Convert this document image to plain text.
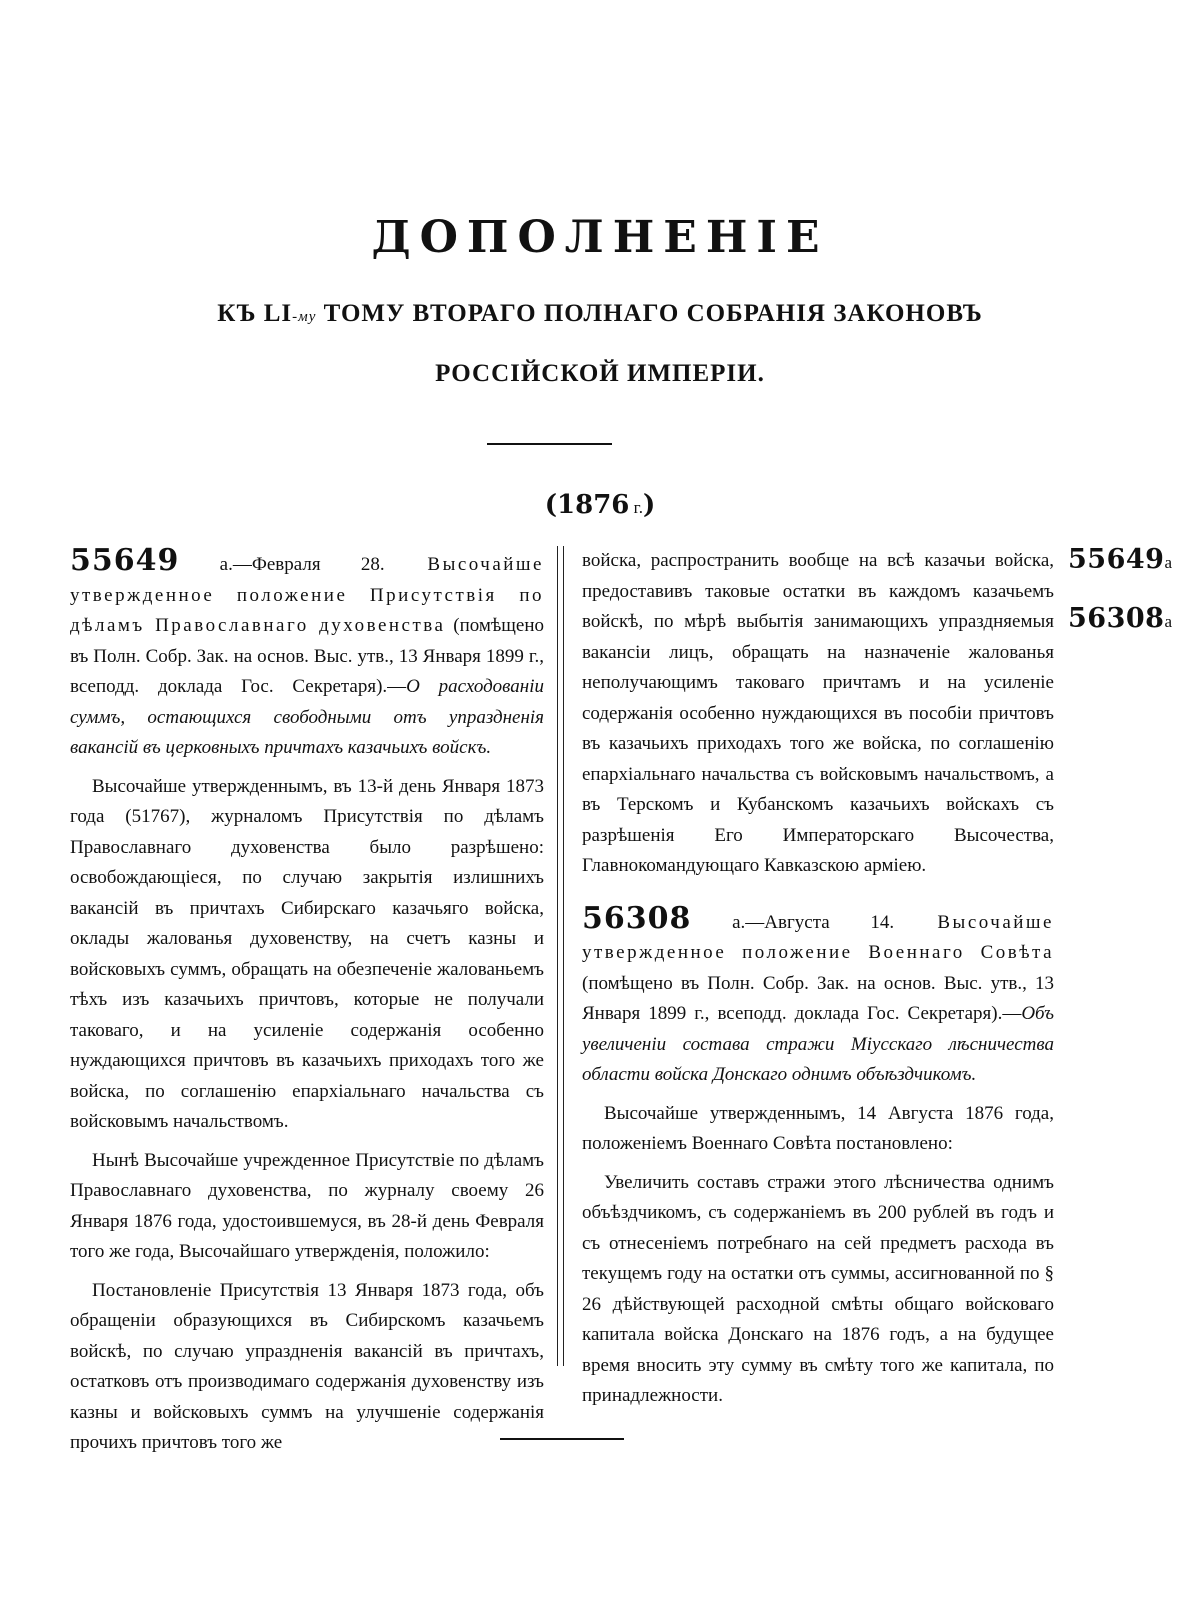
ДОПОЛНЕНІЕ
КЪ LI-му ТОМУ ВТОРАГО ПОЛНАГО СОБРАНІЯ ЗАКОНОВЪ
РОССІЙСКОЙ ИМПЕРІИ.
(1876 г.)

55649 а.—Февраля 28. Высочайше утвержденное положение Присутствія по дѣламъ Православнаго духовенства (помѣщено въ Полн. Собр. Зак. на основ. Выс. утв., 13 Января 1899 г., всеподд. доклада Гос. Секретаря).—О расходованіи суммъ, остающихся свободными отъ упраздненія вакансій въ церковныхъ причтахъ казачьихъ войскъ.

Высочайше утвержденнымъ, въ 13-й день Января 1873 года (51767), журналомъ Присутствія по дѣламъ Православнаго духовенства было разрѣшено: освобождающіеся, по случаю закрытія излишнихъ вакансій въ причтахъ Сибирскаго казачьяго войска, оклады жалованья духовенству, на счетъ казны и войсковыхъ суммъ, обращать на обезпеченіе жалованьемъ тѣхъ изъ казачьихъ причтовъ, которые не получали таковаго, и на усиленіе содержанія особенно нуждающихся причтовъ въ казачьихъ приходахъ того же войска, по соглашенію епархіальнаго начальства съ войсковымъ начальствомъ.

Нынѣ Высочайше учрежденное Присутствіе по дѣламъ Православнаго духовенства, по журналу своему 26 Января 1876 года, удостоившемуся, въ 28-й день Февраля того же года, Высочайшаго утвержденія, положило:

Постановленіе Присутствія 13 Января 1873 года, объ обращеніи образующихся въ Сибирскомъ казачьемъ войскѣ, по случаю упраздненія вакансій въ причтахъ, остатковъ отъ производимаго содержанія духовенству изъ казны и войсковыхъ суммъ на улучшеніе содержанія прочихъ причтовъ того же

войска, распространить вообще на всѣ казачьи войска, предоставивъ таковые остатки въ каждомъ казачьемъ войскѣ, по мѣрѣ выбытія занимающихъ упраздняемыя вакансіи лицъ, обращать на назначеніе жалованья неполучающимъ таковаго причтамъ и на усиленіе содержанія особенно нуждающихся въ пособіи причтовъ въ казачьихъ приходахъ того же войска, по соглашенію епархіальнаго начальства съ войсковымъ начальствомъ, а въ Терскомъ и Кубанскомъ казачьихъ войскахъ съ разрѣшенія Его Императорскаго Высочества, Главнокомандующаго Кавказскою арміею.

56308 а.—Августа 14. Высочайше утвержденное положение Военнаго Совѣта (помѣщено въ Полн. Собр. Зак. на основ. Выс. утв., 13 Января 1899 г., всеподд. доклада Гос. Секретаря).—Объ увеличеніи состава стражи Міусскаго лѣсничества области войска Донскаго однимъ объѣздчикомъ.

Высочайше утвержденнымъ, 14 Августа 1876 года, положеніемъ Военнаго Совѣта постановлено:

Увеличить составъ стражи этого лѣсничества однимъ объѣздчикомъ, съ содержаніемъ въ 200 рублей въ годъ и съ отнесеніемъ потребнаго на сей предметъ расхода въ текущемъ году на остатки отъ суммы, ассигнованной по § 26 дѣйствующей расходной смѣты общаго войсковаго капитала войска Донскаго на 1876 годъ, а на будущее время вносить эту сумму въ смѣту того же капитала, по принадлежности.

55649а
56308а
